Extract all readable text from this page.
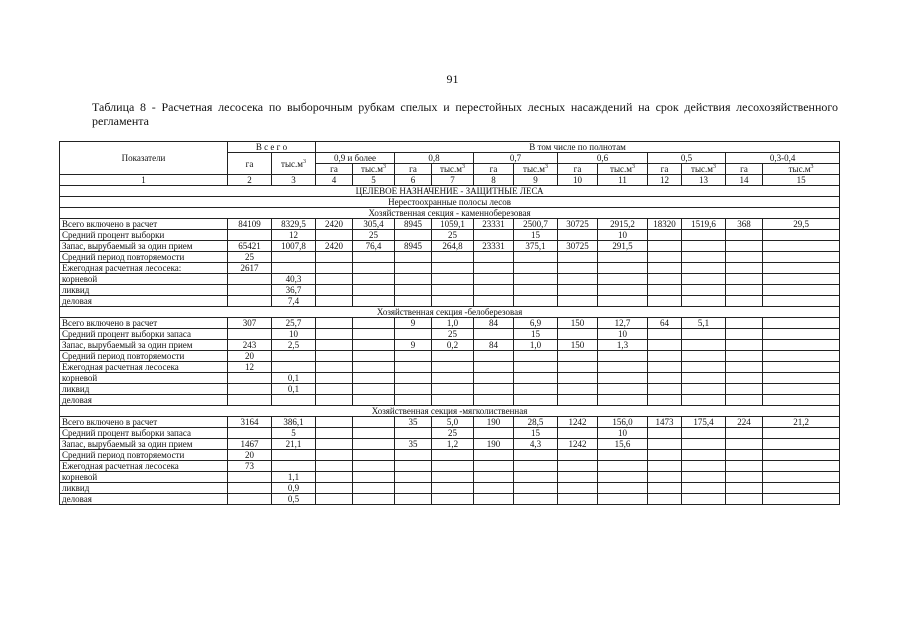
91
Таблица 8 - Расчетная лесосека по выборочным рубкам спелых и перестойных лесных насаждений на срок действия лесохозяйственного регламента
Показатели	В с е г о		В том числе по полнотам											
	га	$тыс.м^3$	0,9 и более		0,8		0,7		0,6		0,5		0,3-0,4	
			га	$тыс.м^3$	га	$тыс.м^3$	га	$тыс.м^3$	га	$тыс.м^3$	га	$тыс.м^3$	га	$тыс.м^3$
1	2	3	4	5	6	7	8	9	10	11	12	13	14	15
ЦЕЛЕВОЕ НАЗНАЧЕНИЕ - ЗАЩИТНЫЕ ЛЕСА														
Нерестоохранные полосы лесов														
Хозяйственная секция - каменноберезовая														
Всего включено в расчет	84109	8329,5	2420	305,4	8945	1059,1	23331	2500,7	30725	2915,2	18320	1519,6	368	29,5
Средний процент выборки		12		25		25		15		10				
Запас, вырубаемый за один прием	65421	1007,8	2420	76,4	8945	264,8	23331	375,1	30725	291,5				
Средний период повторяемости	25													
Ежегодная расчетная лесосека:	2617													
корневой		40,3												
ликвид		36,7												
деловая		7,4												
Хозяйственная секция -белоберезовая														
Всего включено в расчет	307	25,7			9	1,0	84	6,9	150	12,7	64	5,1		
Средний процент выборки запаса		10				25		15		10				
Запас, вырубаемый за один прием	243	2,5			9	0,2	84	1,0	150	1,3				
Средний период повторяемости	20													
Ежегодная расчетная лесосека	12													
корневой		0,1												
ликвид		0,1												
деловая														
Хозяйственная секция -мягколиственная														
Всего включено в расчет	3164	386,1			35	5,0	190	28,5	1242	156,0	1473	175,4	224	21,2
Средний процент выборки запаса		5				25		15		10				
Запас, вырубаемый за один прием	1467	21,1			35	1,2	190	4,3	1242	15,6				
Средний период повторяемости	20													
Ежегодная расчетная лесосека	73													
корневой		1,1												
ликвид		0,9												
деловая		0,5												
